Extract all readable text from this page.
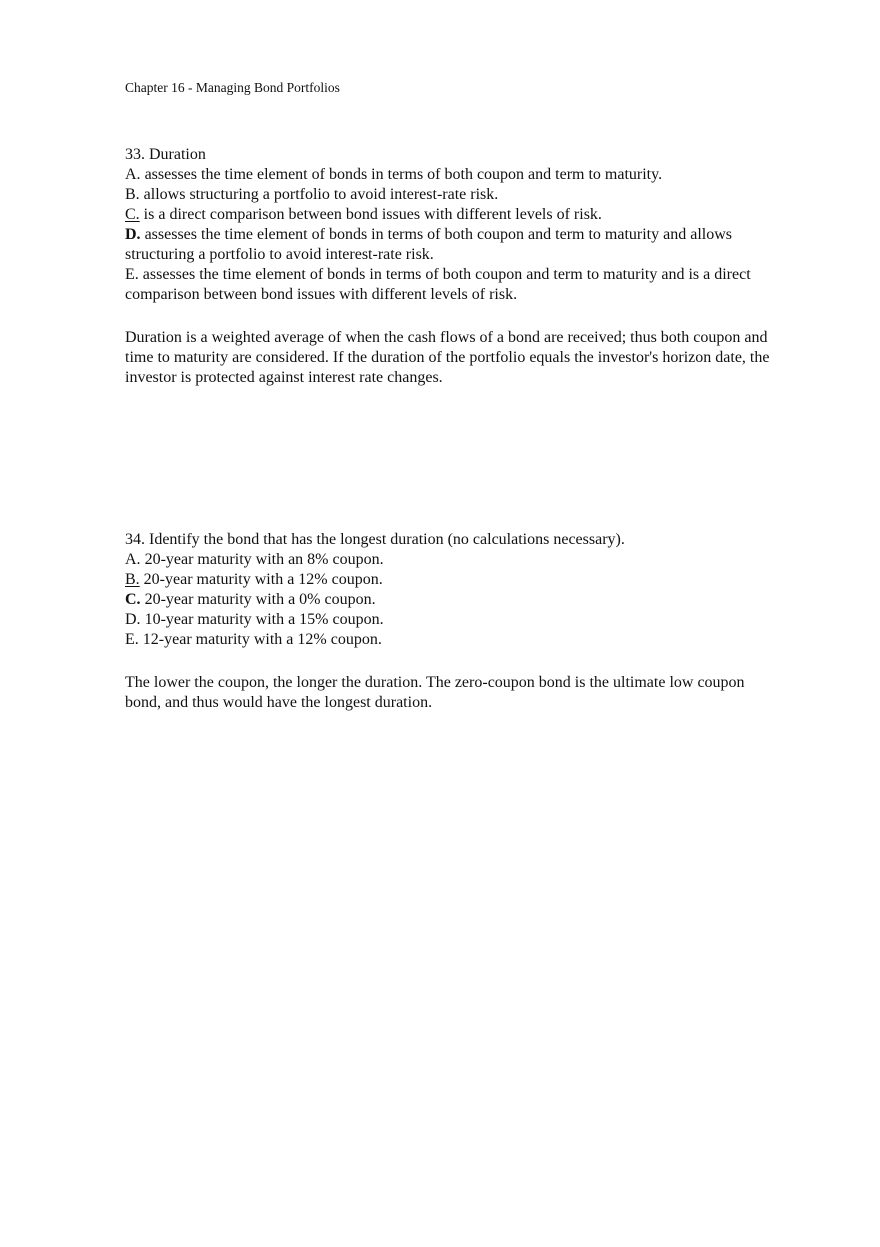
Chapter 16 - Managing Bond Portfolios

33. Duration

A. assesses the time element of bonds in terms of both coupon and term to maturity.

B. allows structuring a portfolio to avoid interest-rate risk.

C. is a direct comparison between bond issues with different levels of risk.

D. assesses the time element of bonds in terms of both coupon and term to maturity and allows structuring a portfolio to avoid interest-rate risk.

E. assesses the time element of bonds in terms of both coupon and term to maturity and is a direct comparison between bond issues with different levels of risk.

Duration is a weighted average of when the cash flows of a bond are received; thus both coupon and time to maturity are considered. If the duration of the portfolio equals the investor's horizon date, the investor is protected against interest rate changes.

34. Identify the bond that has the longest duration (no calculations necessary).

A. 20-year maturity with an 8% coupon.

B. 20-year maturity with a 12% coupon.

C. 20-year maturity with a 0% coupon.

D. 10-year maturity with a 15% coupon.

E. 12-year maturity with a 12% coupon.

The lower the coupon, the longer the duration. The zero-coupon bond is the ultimate low coupon bond, and thus would have the longest duration.
